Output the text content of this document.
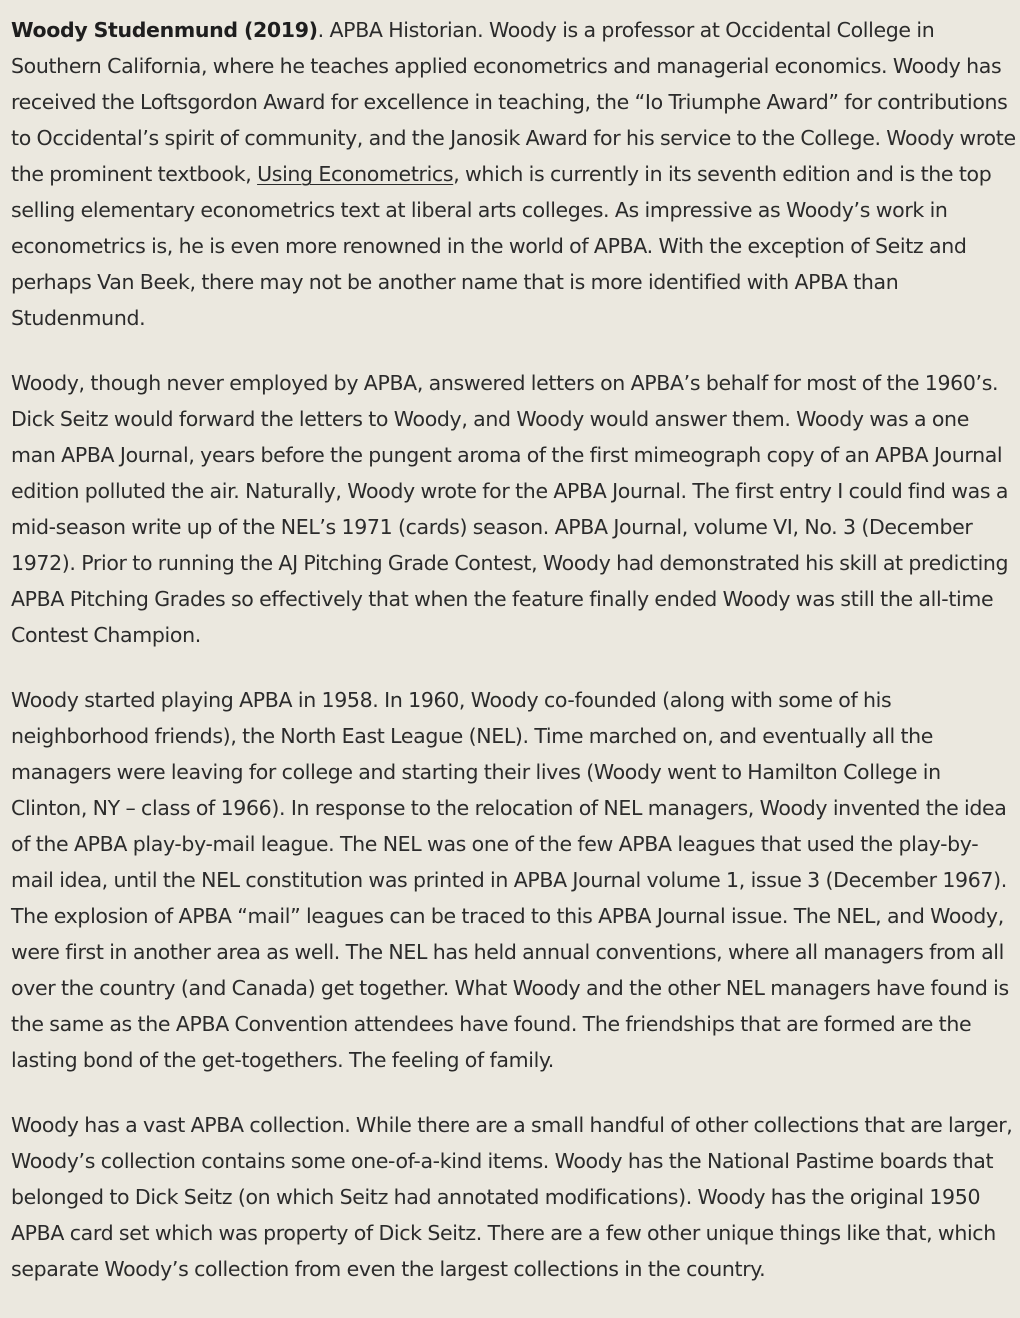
Woody Studenmund (2019). APBA Historian. Woody is a professor at Occidental College in Southern California, where he teaches applied econometrics and managerial economics. Woody has received the Loftsgordon Award for excellence in teaching, the “Io Triumphe Award” for contributions to Occidental’s spirit of community, and the Janosik Award for his service to the College. Woody wrote the prominent textbook, Using Econometrics, which is currently in its seventh edition and is the top selling elementary econometrics text at liberal arts colleges. As impressive as Woody’s work in econometrics is, he is even more renowned in the world of APBA. With the exception of Seitz and perhaps Van Beek, there may not be another name that is more identified with APBA than Studenmund.

Woody, though never employed by APBA, answered letters on APBA’s behalf for most of the 1960’s. Dick Seitz would forward the letters to Woody, and Woody would answer them. Woody was a one man APBA Journal, years before the pungent aroma of the first mimeograph copy of an APBA Journal edition polluted the air. Naturally, Woody wrote for the APBA Journal. The first entry I could find was a mid-season write up of the NEL’s 1971 (cards) season. APBA Journal, volume VI, No. 3 (December 1972). Prior to running the AJ Pitching Grade Contest, Woody had demonstrated his skill at predicting APBA Pitching Grades so effectively that when the feature finally ended Woody was still the all-time Contest Champion.

Woody started playing APBA in 1958. In 1960, Woody co-founded (along with some of his neighborhood friends), the North East League (NEL). Time marched on, and eventually all the managers were leaving for college and starting their lives (Woody went to Hamilton College in Clinton, NY – class of 1966). In response to the relocation of NEL managers, Woody invented the idea of the APBA play-by-mail league. The NEL was one of the few APBA leagues that used the play-by-mail idea, until the NEL constitution was printed in APBA Journal volume 1, issue 3 (December 1967). The explosion of APBA “mail” leagues can be traced to this APBA Journal issue. The NEL, and Woody, were first in another area as well. The NEL has held annual conventions, where all managers from all over the country (and Canada) get together. What Woody and the other NEL managers have found is the same as the APBA Convention attendees have found. The friendships that are formed are the lasting bond of the get-togethers. The feeling of family.

Woody has a vast APBA collection. While there are a small handful of other collections that are larger, Woody’s collection contains some one-of-a-kind items. Woody has the National Pastime boards that belonged to Dick Seitz (on which Seitz had annotated modifications). Woody has the original 1950 APBA card set which was property of Dick Seitz. There are a few other unique things like that, which separate Woody’s collection from even the largest collections in the country.
